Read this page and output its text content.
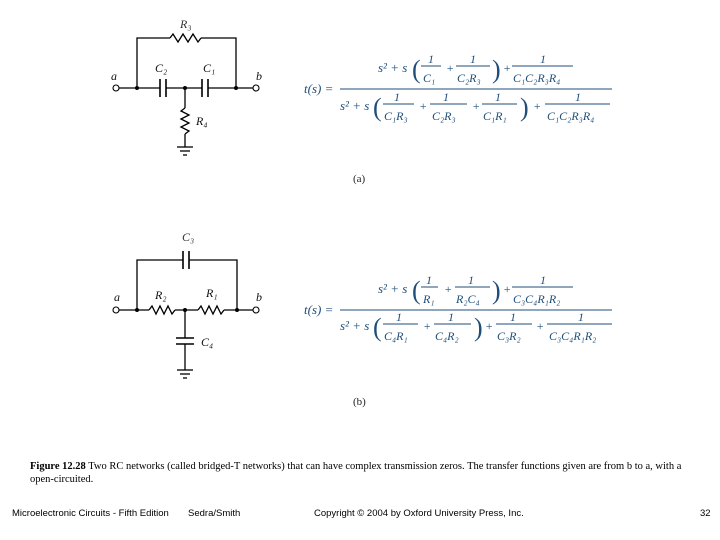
R₃
C₂	C₁
R₄
a	b
t(s) =
s² + s ( 1
C₁
+
1
C₂R₃ ) +
1
C₁C₂R₃R₄
s² + s ( 1
C₁R₃
+
1
C₂R₃
+
1
C₁R₁ ) +
1
C₁C₂R₃R₄
(a)
C₃
R₂	R₁
C₄
a	b
t(s) =
s² + s ( 1
R₁
+
1
R₂C₄ ) +
1
C₃C₄R₁R₂
s² + s ( 1
C₄R₁
+
1
C₄R₂ ) +
1
C₃R₂
+
1
C₃C₄R₁R₂
(b)
Figure 12.28 Two RC networks (called bridged-T networks) that can have complex transmission zeros. The transfer functions given are from b to a, with a open-circuited.
Microelectronic Circuits - Fifth Edition Sedra/Smith	Copyright © 2004 by Oxford University Press, Inc.	32
